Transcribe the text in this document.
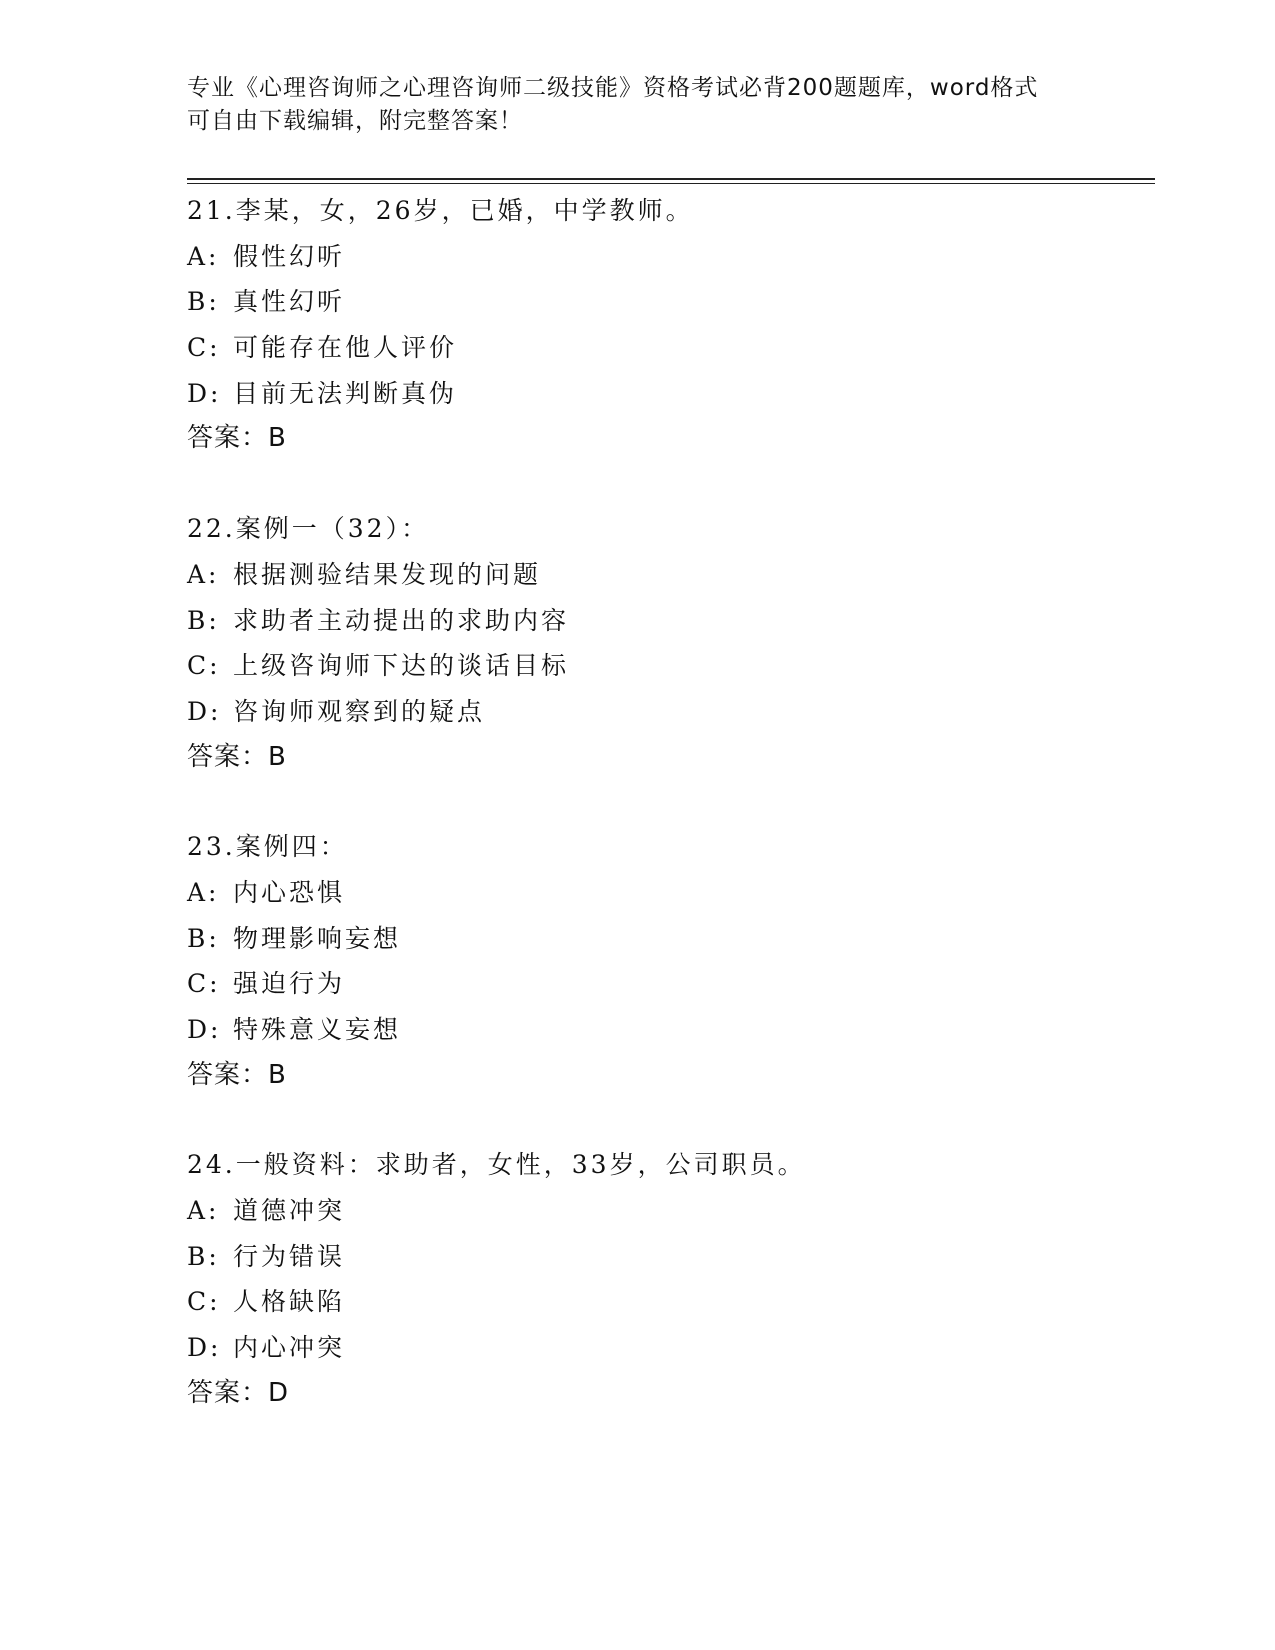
专业《心理咨询师之心理咨询师二级技能》资格考试必背200题题库，word格式
可自由下载编辑，附完整答案！
21.李某，女，26岁，已婚，中学教师。
A: 假性幻听
B: 真性幻听
C: 可能存在他人评价
D: 目前无法判断真伪
答案：B
22.案例一（32）：
A: 根据测验结果发现的问题
B: 求助者主动提出的求助内容
C: 上级咨询师下达的谈话目标
D: 咨询师观察到的疑点
答案：B
23.案例四：
A: 内心恐惧
B: 物理影响妄想
C: 强迫行为
D: 特殊意义妄想
答案：B
24.一般资料：求助者，女性，33岁，公司职员。
A: 道德冲突
B: 行为错误
C: 人格缺陷
D: 内心冲突
答案：D
